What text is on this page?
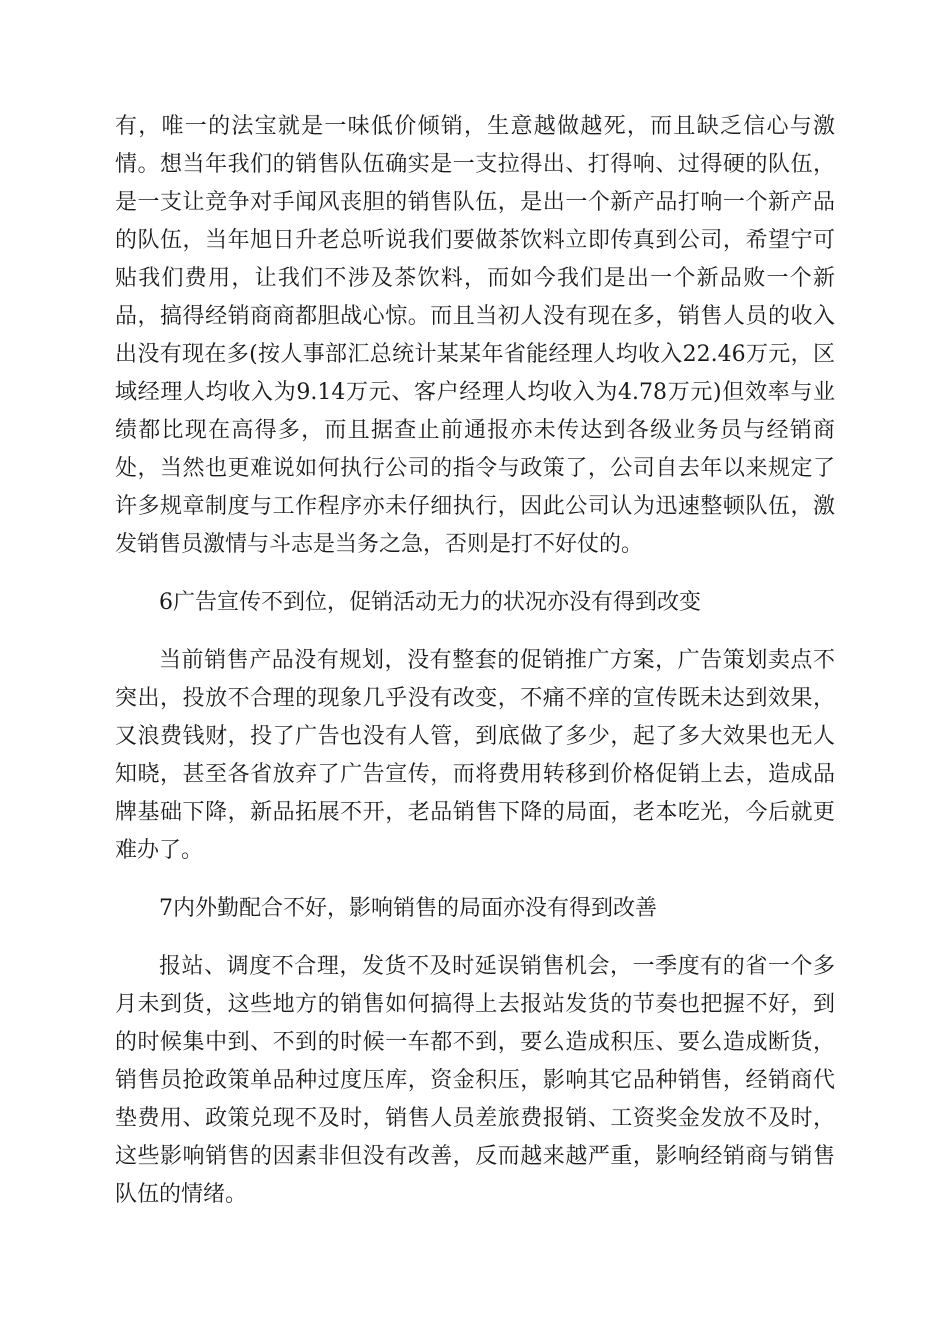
有，唯一的法宝就是一味低价倾销，生意越做越死，而且缺乏信心与激情。想当年我们的销售队伍确实是一支拉得出、打得响、过得硬的队伍，是一支让竞争对手闻风丧胆的销售队伍，是出一个新产品打响一个新产品的队伍，当年旭日升老总听说我们要做茶饮料立即传真到公司，希望宁可贴我们费用，让我们不涉及茶饮料，而如今我们是出一个新品败一个新品，搞得经销商商都胆战心惊。而且当初人没有现在多，销售人员的收入出没有现在多(按人事部汇总统计某某年省能经理人均收入22.46万元，区域经理人均收入为9.14万元、客户经理人均收入为4.78万元)但效率与业绩都比现在高得多，而且据查止前通报亦未传达到各级业务员与经销商处，当然也更难说如何执行公司的指令与政策了，公司自去年以来规定了许多规章制度与工作程序亦未仔细执行，因此公司认为迅速整顿队伍，激发销售员激情与斗志是当务之急，否则是打不好仗的。

6广告宣传不到位，促销活动无力的状况亦没有得到改变

当前销售产品没有规划，没有整套的促销推广方案，广告策划卖点不突出，投放不合理的现象几乎没有改变，不痛不痒的宣传既未达到效果，又浪费钱财，投了广告也没有人管，到底做了多少，起了多大效果也无人知晓，甚至各省放弃了广告宣传，而将费用转移到价格促销上去，造成品牌基础下降，新品拓展不开，老品销售下降的局面，老本吃光，今后就更难办了。

7内外勤配合不好，影响销售的局面亦没有得到改善

报站、调度不合理，发货不及时延误销售机会，一季度有的省一个多月未到货，这些地方的销售如何搞得上去报站发货的节奏也把握不好，到的时候集中到、不到的时候一车都不到，要么造成积压、要么造成断货，销售员抢政策单品种过度压库，资金积压，影响其它品种销售，经销商代垫费用、政策兑现不及时，销售人员差旅费报销、工资奖金发放不及时，这些影响销售的因素非但没有改善，反而越来越严重，影响经销商与销售队伍的情绪。
